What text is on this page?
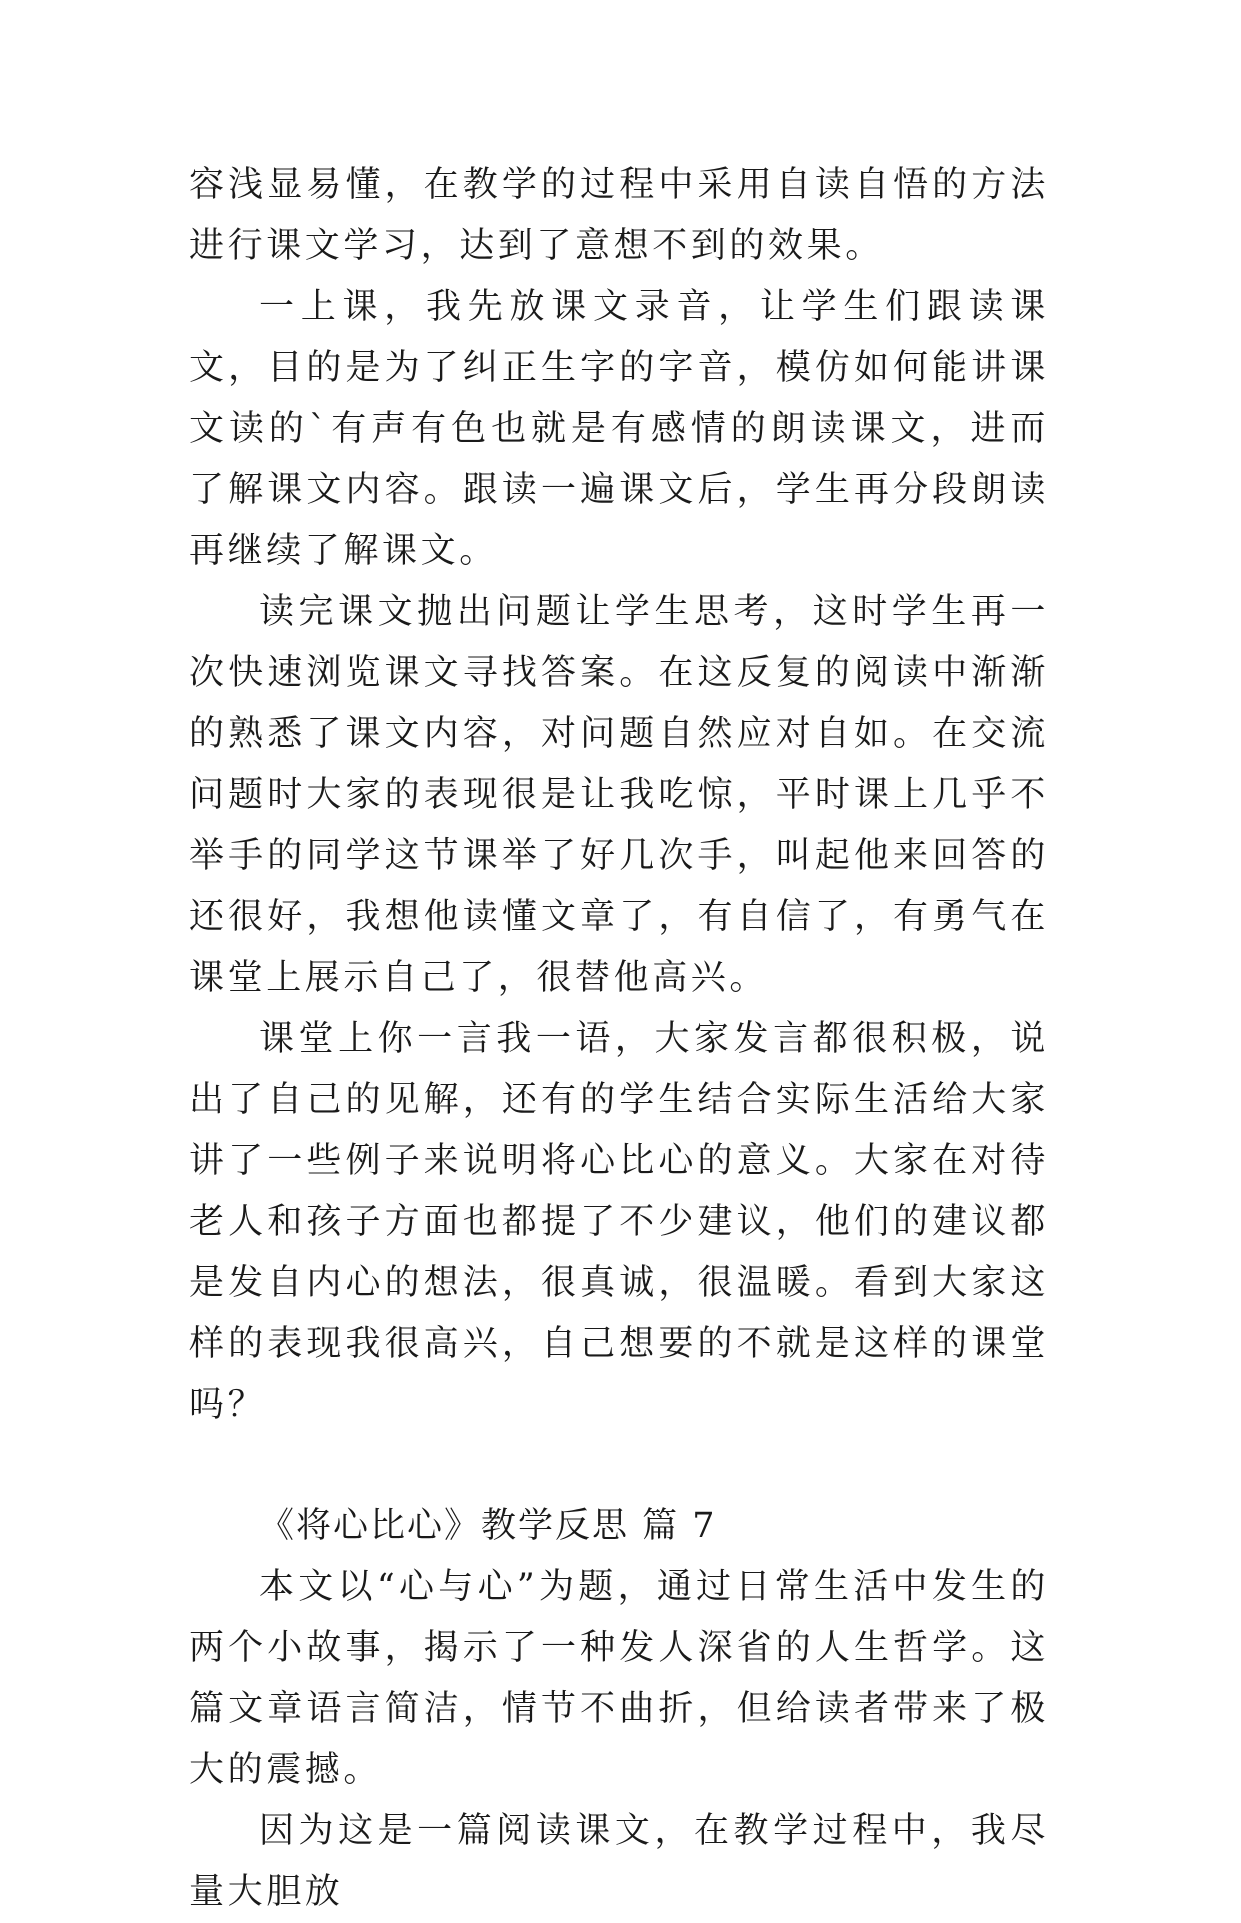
容浅显易懂，在教学的过程中采用自读自悟的方法进行课文学习，达到了意想不到的效果。

一上课，我先放课文录音，让学生们跟读课文，目的是为了纠正生字的字音，模仿如何能讲课文读的`有声有色也就是有感情的朗读课文，进而了解课文内容。跟读一遍课文后，学生再分段朗读再继续了解课文。

读完课文抛出问题让学生思考，这时学生再一次快速浏览课文寻找答案。在这反复的阅读中渐渐的熟悉了课文内容，对问题自然应对自如。在交流问题时大家的表现很是让我吃惊，平时课上几乎不举手的同学这节课举了好几次手，叫起他来回答的还很好，我想他读懂文章了，有自信了，有勇气在课堂上展示自己了，很替他高兴。

课堂上你一言我一语，大家发言都很积极，说出了自己的见解，还有的学生结合实际生活给大家讲了一些例子来说明将心比心的意义。大家在对待老人和孩子方面也都提了不少建议，他们的建议都是发自内心的想法，很真诚，很温暖。看到大家这样的表现我很高兴，自己想要的不就是这样的课堂吗？

《将心比心》教学反思 篇 7

本文以“心与心”为题，通过日常生活中发生的两个小故事，揭示了一种发人深省的人生哲学。这篇文章语言简洁，情节不曲折，但给读者带来了极大的震撼。

因为这是一篇阅读课文，在教学过程中，我尽量大胆放
